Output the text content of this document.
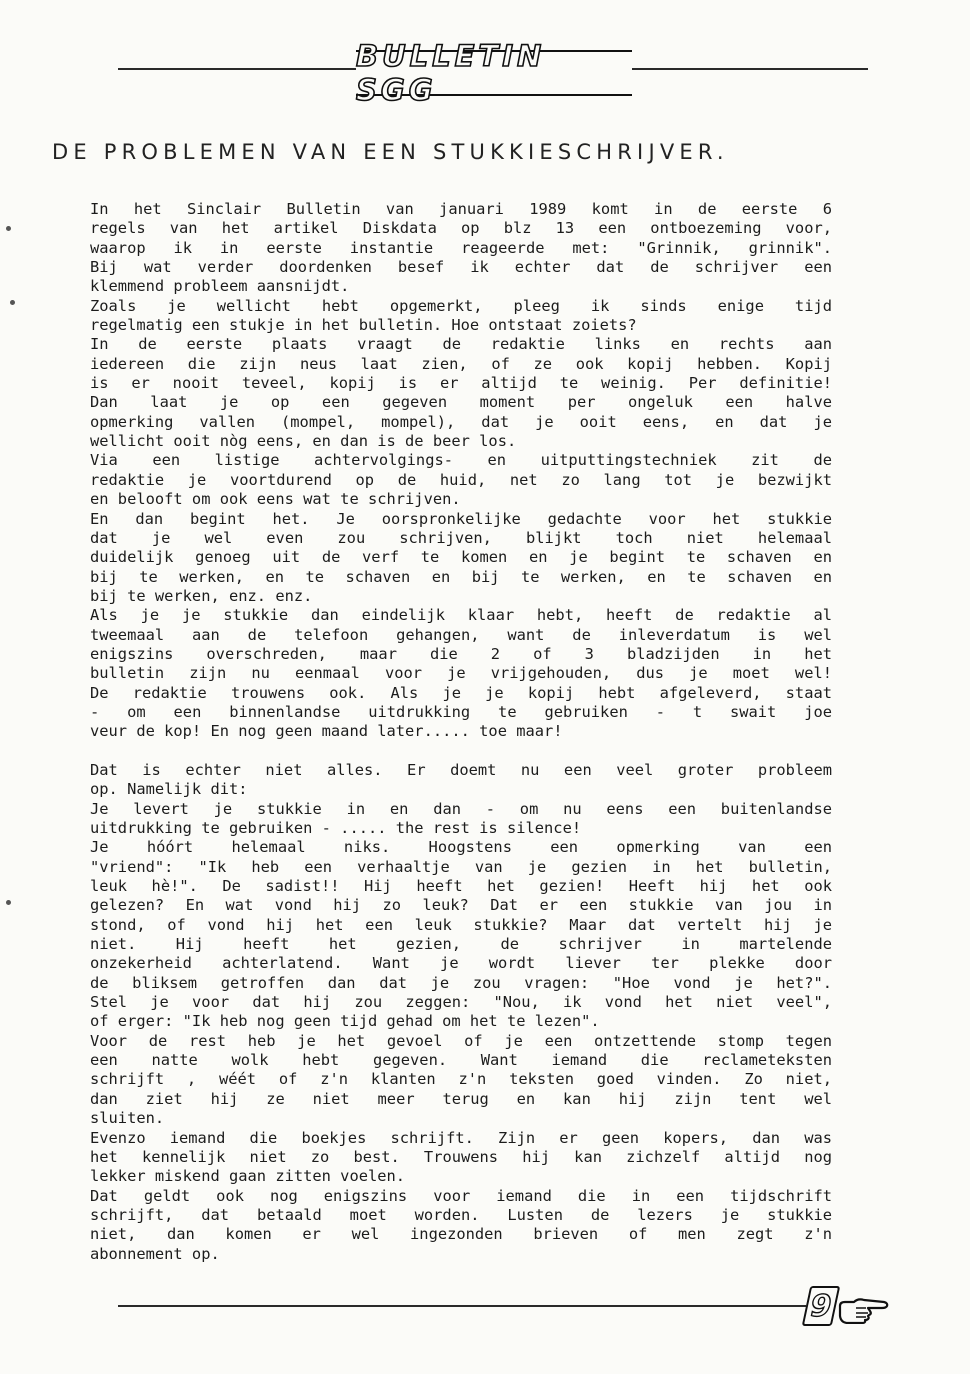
BULLETIN SGG
DE PROBLEMEN VAN EEN STUKKIESCHRIJVER.
In het Sinclair Bulletin van januari 1989 komt in de eerste 6
regels van het artikel Diskdata op blz 13 een ontboezeming voor,
waarop ik in eerste instantie reageerde met: "Grinnik, grinnik".
Bij wat verder doordenken besef ik echter dat de schrijver een
klemmend probleem aansnijdt.
Zoals je wellicht hebt opgemerkt, pleeg ik sinds enige tijd
regelmatig een stukje in het bulletin. Hoe ontstaat zoiets?
In de eerste plaats vraagt de redaktie links en rechts aan
iedereen die zijn neus laat zien, of ze ook kopij hebben. Kopij
is er nooit teveel, kopij is er altijd te weinig. Per definitie!
Dan laat je op een gegeven moment per ongeluk een halve
opmerking vallen (mompel, mompel), dat je ooit eens, en dat je
wellicht ooit nòg eens, en dan is de beer los.
Via een listige achtervolgings- en uitputtingstechniek zit de
redaktie je voortdurend op de huid, net zo lang tot je bezwijkt
en belooft om ook eens wat te schrijven.
En dan begint het. Je oorspronkelijke gedachte voor het stukkie
dat je wel even zou schrijven, blijkt toch niet helemaal
duidelijk genoeg uit de verf te komen en je begint te schaven en
bij te werken, en te schaven en bij te werken, en te schaven en
bij te werken, enz. enz.
Als je je stukkie dan eindelijk klaar hebt, heeft de redaktie al
tweemaal aan de telefoon gehangen, want de inleverdatum is wel
enigszins overschreden, maar die 2 of 3 bladzijden in het
bulletin zijn nu eenmaal voor je vrijgehouden, dus je moet wel!
De redaktie trouwens ook. Als je je kopij hebt afgeleverd, staat
- om een binnenlandse uitdrukking te gebruiken - t swait joe
veur de kop! En nog geen maand later..... toe maar!
Dat is echter niet alles. Er doemt nu een veel groter probleem
op. Namelijk dit:
Je levert je stukkie in en dan - om nu eens een buitenlandse
uitdrukking te gebruiken - ..... the rest is silence!
Je hóórt helemaal niks. Hoogstens een opmerking van een
"vriend": "Ik heb een verhaaltje van je gezien in het bulletin,
leuk hè!". De sadist!! Hij heeft het gezien! Heeft hij het ook
gelezen? En wat vond hij zo leuk? Dat er een stukkie van jou in
stond, of vond hij het een leuk stukkie? Maar dat vertelt hij je
niet. Hij heeft het gezien, de schrijver in martelende
onzekerheid achterlatend. Want je wordt liever ter plekke door
de bliksem getroffen dan dat je zou vragen: "Hoe vond je het?".
Stel je voor dat hij zou zeggen: "Nou, ik vond het niet veel",
of erger: "Ik heb nog geen tijd gehad om het te lezen".
Voor de rest heb je het gevoel of je een ontzettende stomp tegen
een natte wolk hebt gegeven. Want iemand die reclameteksten
schrijft , wéét of z'n klanten z'n teksten goed vinden. Zo niet,
dan ziet hij ze niet meer terug en kan hij zijn tent wel
sluiten.
Evenzo iemand die boekjes schrijft. Zijn er geen kopers, dan was
het kennelijk niet zo best. Trouwens hij kan zichzelf altijd nog
lekker miskend gaan zitten voelen.
Dat geldt ook nog enigszins voor iemand die in een tijdschrift
schrijft, dat betaald moet worden. Lusten de lezers je stukkie
niet, dan komen er wel ingezonden brieven of men zegt z'n
abonnement op.
9
